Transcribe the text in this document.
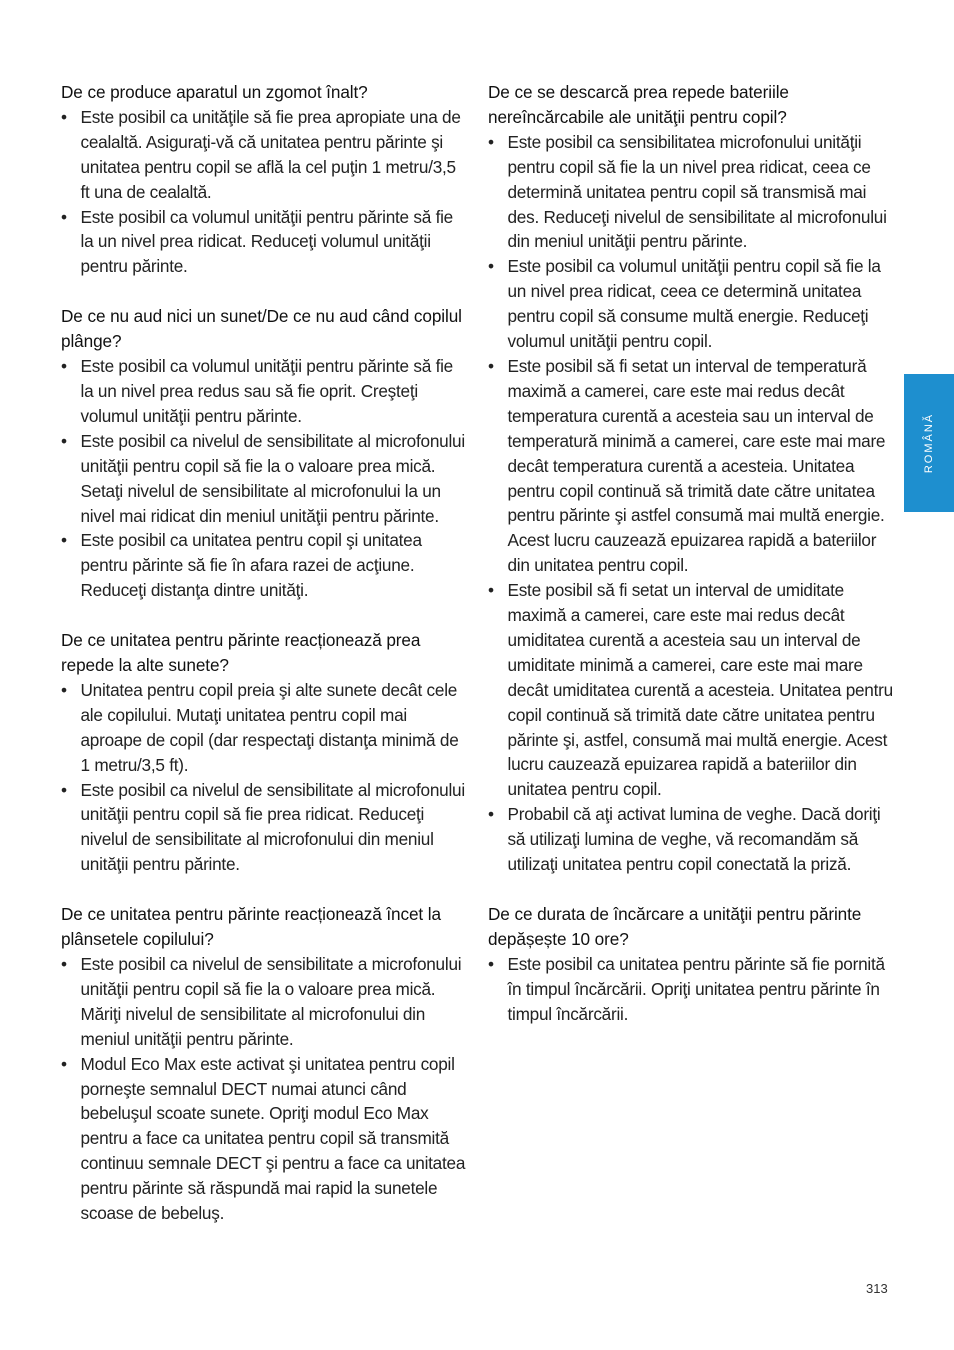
De ce produce aparatul un zgomot înalt?
• Este posibil ca unităţile să fie prea apropiate una de cealaltă. Asiguraţi-vă că unitatea pentru părinte şi unitatea pentru copil se află la cel puţin 1 metru/3,5 ft una de cealaltă.
• Este posibil ca volumul unităţii pentru părinte să fie la un nivel prea ridicat. Reduceţi volumul unităţii pentru părinte.
De ce nu aud nici un sunet/De ce nu aud când copilul plânge?
• Este posibil ca volumul unităţii pentru părinte să fie la un nivel prea redus sau să fie oprit. Creşteţi volumul unităţii pentru părinte.
• Este posibil ca nivelul de sensibilitate al microfonului unităţii pentru copil să fie la o valoare prea mică. Setaţi nivelul de sensibilitate al microfonului la un nivel mai ridicat din meniul unităţii pentru părinte.
• Este posibil ca unitatea pentru copil şi unitatea pentru părinte să fie în afara razei de acţiune. Reduceţi distanţa dintre unităţi.
De ce unitatea pentru părinte reacționează prea repede la alte sunete?
• Unitatea pentru copil preia şi alte sunete decât cele ale copilului. Mutaţi unitatea pentru copil mai aproape de copil (dar respectaţi distanţa minimă de 1 metru/3,5 ft).
• Este posibil ca nivelul de sensibilitate al microfonului unităţii pentru copil să fie prea ridicat. Reduceţi nivelul de sensibilitate al microfonului din meniul unităţii pentru părinte.
De ce unitatea pentru părinte reacționează încet la plânsetele copilului?
• Este posibil ca nivelul de sensibilitate a microfonului unităţii pentru copil să fie la o valoare prea mică. Măriţi nivelul de sensibilitate al microfonului din meniul unităţii pentru părinte.
• Modul Eco Max este activat şi unitatea pentru copil porneşte semnalul DECT numai atunci când bebeluşul scoate sunete. Opriţi modul Eco Max pentru a face ca unitatea pentru copil să transmită continuu semnale DECT şi pentru a face ca unitatea pentru părinte să răspundă mai rapid la sunetele scoase de bebeluş.
De ce se descarcă prea repede bateriile nereîncărcabile ale unităţii pentru copil?
• Este posibil ca sensibilitatea microfonului unităţii pentru copil să fie la un nivel prea ridicat, ceea ce determină unitatea pentru copil să transmisă mai des. Reduceţi nivelul de sensibilitate al microfonului din meniul unităţii pentru părinte.
• Este posibil ca volumul unităţii pentru copil să fie la un nivel prea ridicat, ceea ce determină unitatea pentru copil să consume multă energie. Reduceţi volumul unităţii pentru copil.
• Este posibil să fi setat un interval de temperatură maximă a camerei, care este mai redus decât temperatura curentă a acesteia sau un interval de temperatură minimă a camerei, care este mai mare decât temperatura curentă a acesteia. Unitatea pentru copil continuă să trimită date către unitatea pentru părinte şi astfel consumă mai multă energie. Acest lucru cauzează epuizarea rapidă a bateriilor din unitatea pentru copil.
• Este posibil să fi setat un interval de umiditate maximă a camerei, care este mai redus decât umiditatea curentă a acesteia sau un interval de umiditate minimă a camerei, care este mai mare decât umiditatea curentă a acesteia. Unitatea pentru copil continuă să trimită date către unitatea pentru părinte şi, astfel, consumă mai multă energie. Acest lucru cauzează epuizarea rapidă a bateriilor din unitatea pentru copil.
• Probabil că aţi activat lumina de veghe. Dacă doriţi să utilizaţi lumina de veghe, vă recomandăm să utilizaţi unitatea pentru copil conectată la priză.
De ce durata de încărcare a unităţii pentru părinte depășește 10 ore?
• Este posibil ca unitatea pentru părinte să fie pornită în timpul încărcării. Opriţi unitatea pentru părinte în timpul încărcării.
ROMÂNĂ
313
